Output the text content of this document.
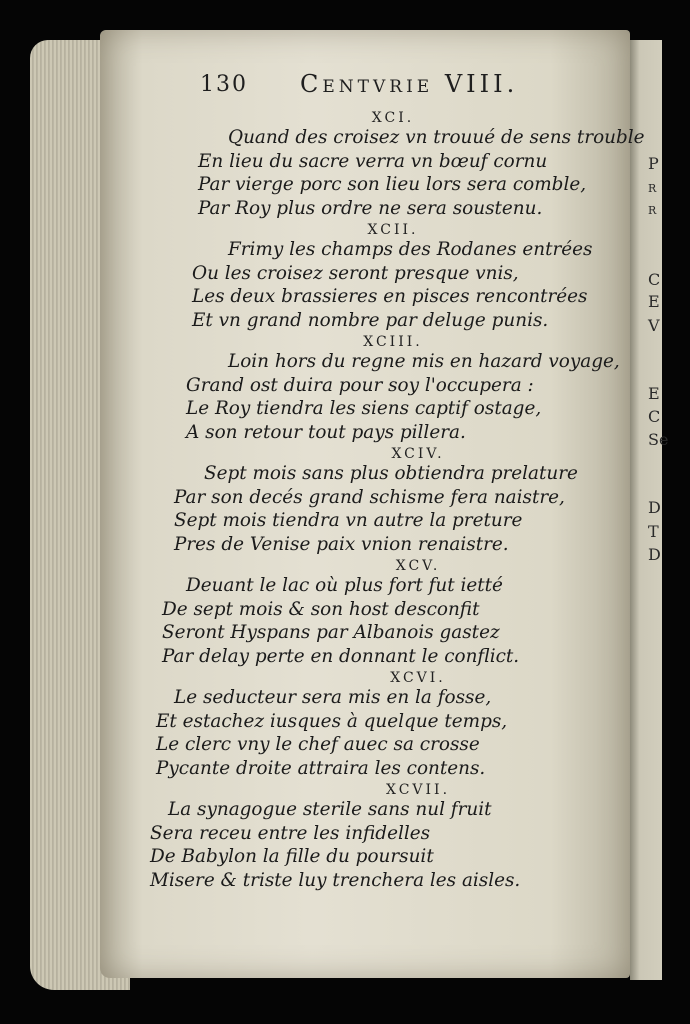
P
R
R
C
E
V
E
C
Se
D
T
D
130 Centvrie VIII.
XCI.
Quand des croisez vn trouué de sens trouble
En lieu du sacre verra vn bœuf cornu
Par vierge porc son lieu lors sera comble,
Par Roy plus ordre ne sera soustenu.
XCII.
Frimy les champs des Rodanes entrées
Ou les croisez seront presque vnis,
Les deux brassieres en pisces rencontrées
Et vn grand nombre par deluge punis.
XCIII.
Loin hors du regne mis en hazard voyage,
Grand ost duira pour soy l'occupera :
Le Roy tiendra les siens captif ostage,
A son retour tout pays pillera.
XCIV.
Sept mois sans plus obtiendra prelature
Par son decés grand schisme fera naistre,
Sept mois tiendra vn autre la preture
Pres de Venise paix vnion renaistre.
XCV.
Deuant le lac où plus fort fut ietté
De sept mois & son host desconfit
Seront Hyspans par Albanois gastez
Par delay perte en donnant le conflict.
XCVI.
Le seducteur sera mis en la fosse,
Et estachez iusques à quelque temps,
Le clerc vny le chef auec sa crosse
Pycante droite attraira les contens.
XCVII.
La synagogue sterile sans nul fruit
Sera receu entre les infidelles
De Babylon la fille du poursuit
Misere & triste luy trenchera les aisles.
